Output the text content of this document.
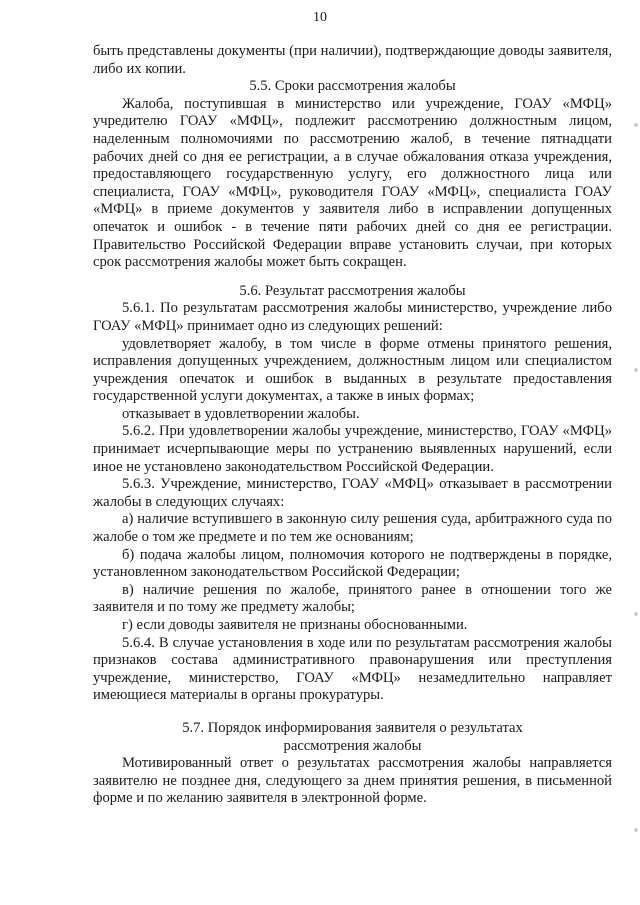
10

быть представлены документы (при наличии), подтверждающие доводы заявителя, либо их копии.

5.5. Сроки рассмотрения жалобы

Жалоба, поступившая в министерство или учреждение, ГОАУ «МФЦ» учредителю ГОАУ «МФЦ», подлежит рассмотрению должностным лицом, наделенным полномочиями по рассмотрению жалоб, в течение пятнадцати рабочих дней со дня ее регистрации, а в случае обжалования отказа учреждения, предоставляющего государственную услугу, его должностного лица или специалиста, ГОАУ «МФЦ», руководителя ГОАУ «МФЦ», специалиста ГОАУ «МФЦ» в приеме документов у заявителя либо в исправлении допущенных опечаток и ошибок - в течение пяти рабочих дней со дня ее регистрации. Правительство Российской Федерации вправе установить случаи, при которых срок рассмотрения жалобы может быть сокращен.

5.6. Результат рассмотрения жалобы

5.6.1. По результатам рассмотрения жалобы министерство, учреждение либо ГОАУ «МФЦ» принимает одно из следующих решений:

удовлетворяет жалобу, в том числе в форме отмены принятого решения, исправления допущенных учреждением, должностным лицом или специалистом учреждения опечаток и ошибок в выданных в результате предоставления государственной услуги документах, а также в иных формах;

отказывает в удовлетворении жалобы.

5.6.2. При удовлетворении жалобы учреждение, министерство, ГОАУ «МФЦ» принимает исчерпывающие меры по устранению выявленных нарушений, если иное не установлено законодательством Российской Федерации.

5.6.3. Учреждение, министерство, ГОАУ «МФЦ» отказывает в рассмотрении жалобы в следующих случаях:

а) наличие вступившего в законную силу решения суда, арбитражного суда по жалобе о том же предмете и по тем же основаниям;

б) подача жалобы лицом, полномочия которого не подтверждены в порядке, установленном законодательством Российской Федерации;

в) наличие решения по жалобе, принятого ранее в отношении того же заявителя и по тому же предмету жалобы;

г) если доводы заявителя не признаны обоснованными.

5.6.4. В случае установления в ходе или по результатам рассмотрения жалобы признаков состава административного правонарушения или преступления учреждение, министерство, ГОАУ «МФЦ» незамедлительно направляет имеющиеся материалы в органы прокуратуры.

5.7. Порядок информирования заявителя о результатах

рассмотрения жалобы

Мотивированный ответ о результатах рассмотрения жалобы направляется заявителю не позднее дня, следующего за днем принятия решения, в письменной форме и по желанию заявителя в электронной форме.
